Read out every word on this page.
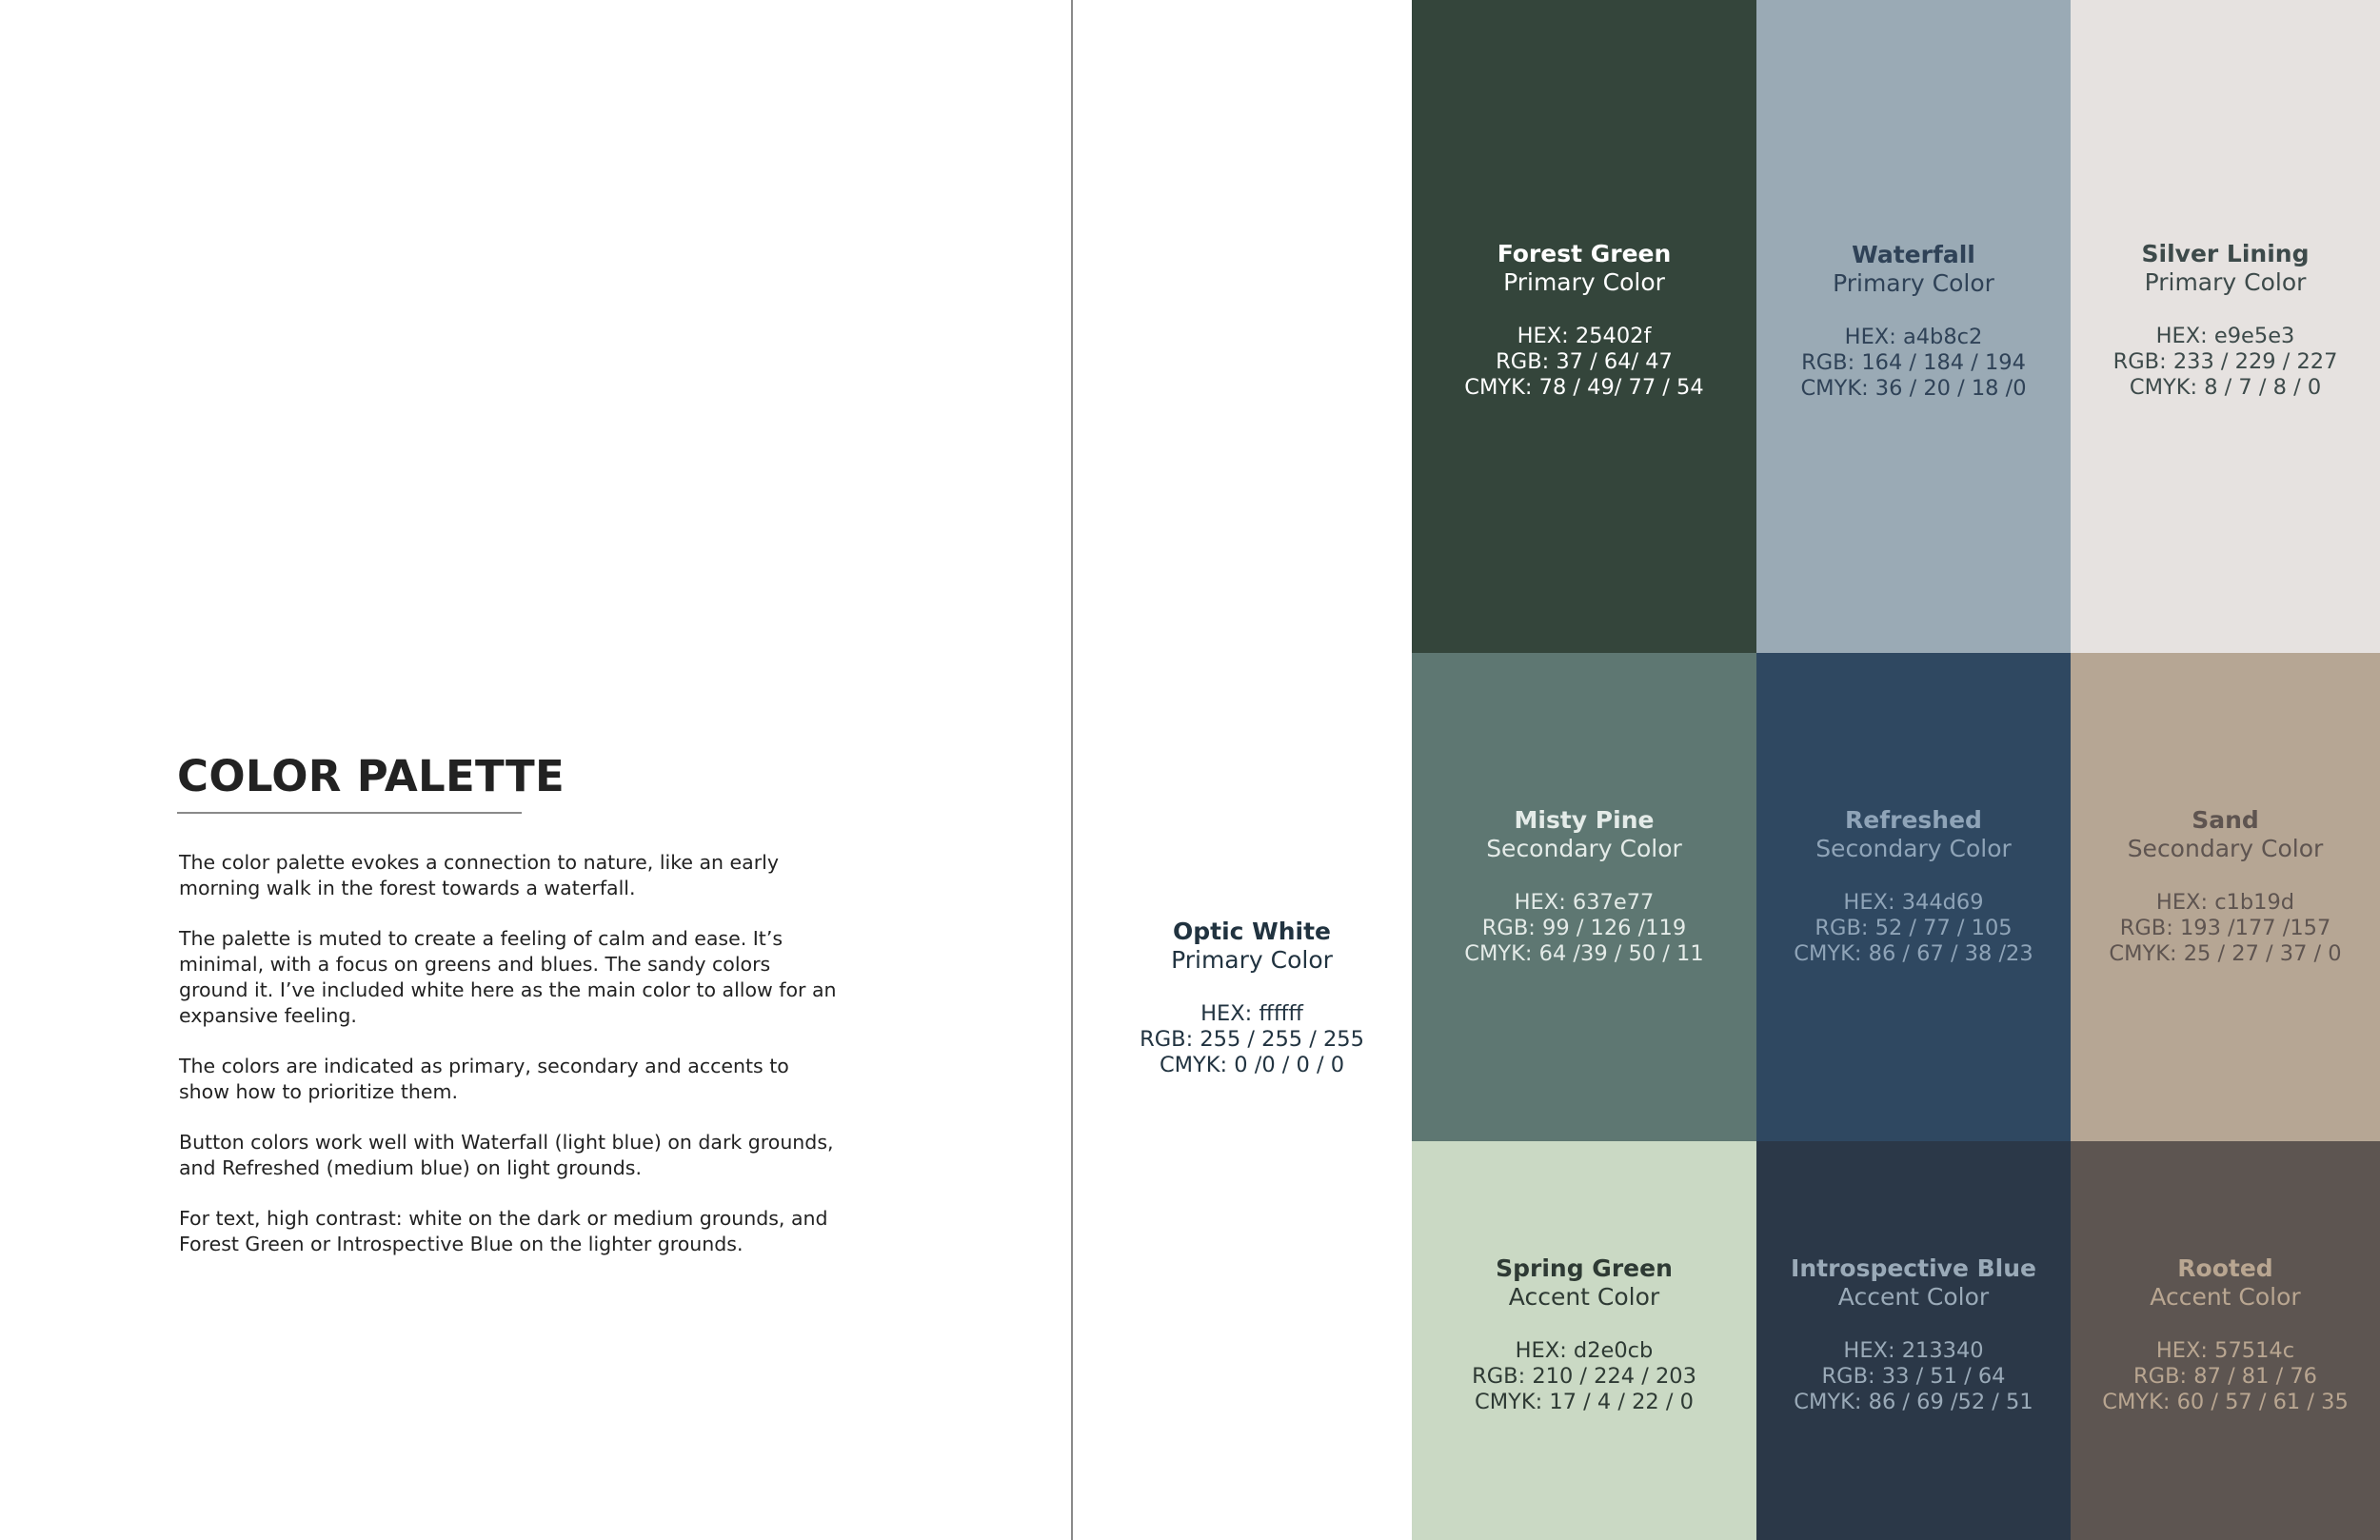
COLOR PALETTE

The color palette evokes a connection to nature, like an early morning walk in the forest towards a waterfall.

The palette is muted to create a feeling of calm and ease. It’s minimal, with a focus on greens and blues. The sandy colors ground it. I’ve included white here as the main color to allow for an expansive feeling.

The colors are indicated as primary, secondary and accents to show how to prioritize them.

Button colors work well with Waterfall (light blue) on dark grounds, and Refreshed (medium blue) on light grounds.

For text, high contrast: white on the dark or medium grounds, and Forest Green or Introspective Blue on the lighter grounds.

Optic White
Primary Color
HEX: ffffff
RGB: 255 / 255 / 255
CMYK: 0 /0 / 0 / 0
Forest Green
Primary Color
HEX: 25402f
RGB: 37 / 64/ 47
CMYK: 78 / 49/ 77 / 54
Waterfall
Primary Color
HEX: a4b8c2
RGB: 164 / 184 / 194
CMYK: 36 / 20 / 18 /0
Silver Lining
Primary Color
HEX: e9e5e3
RGB: 233 / 229 / 227
CMYK: 8 / 7 / 8 / 0
Misty Pine
Secondary Color
HEX: 637e77
RGB: 99 / 126 /119
CMYK: 64 /39 / 50 / 11
Refreshed
Secondary Color
HEX: 344d69
RGB: 52 / 77 / 105
CMYK: 86 / 67 / 38 /23
Sand
Secondary Color
HEX: c1b19d
RGB: 193 /177 /157
CMYK: 25 / 27 / 37 / 0
Spring Green
Accent Color
HEX: d2e0cb
RGB: 210 / 224 / 203
CMYK: 17 / 4 / 22 / 0
Introspective Blue
Accent Color
HEX: 213340
RGB: 33 / 51 / 64
CMYK: 86 / 69 /52 / 51
Rooted
Accent Color
HEX: 57514c
RGB: 87 / 81 / 76
CMYK: 60 / 57 / 61 / 35
